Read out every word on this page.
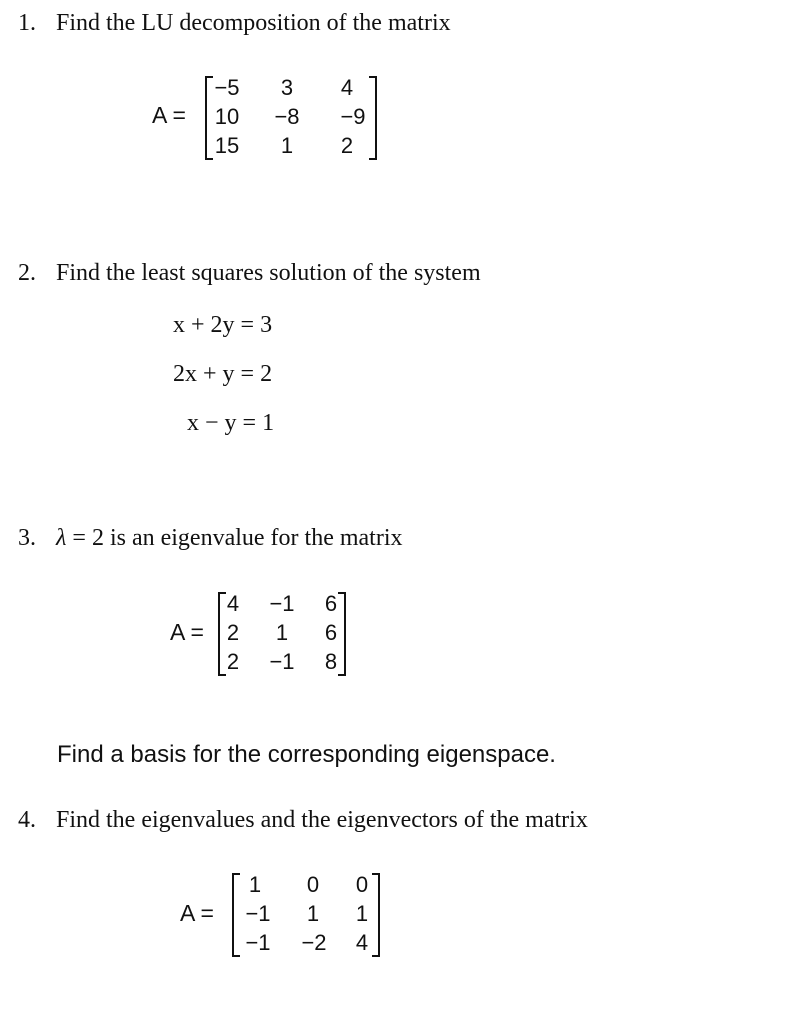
1. Find the LU decomposition of the matrix
A =
−5	3	4
10	−8	−9
15	1	2
2. Find the least squares solution of the system
x + 2y = 3
2x + y = 2
x − y = 1
3. λ = 2 is an eigenvalue for the matrix
A =
4	−1	6
2	1	6
2	−1	8
Find a basis for the corresponding eigenspace.
4. Find the eigenvalues and the eigenvectors of the matrix
A =
1	0	0
−1	1	1
−1	−2	4
